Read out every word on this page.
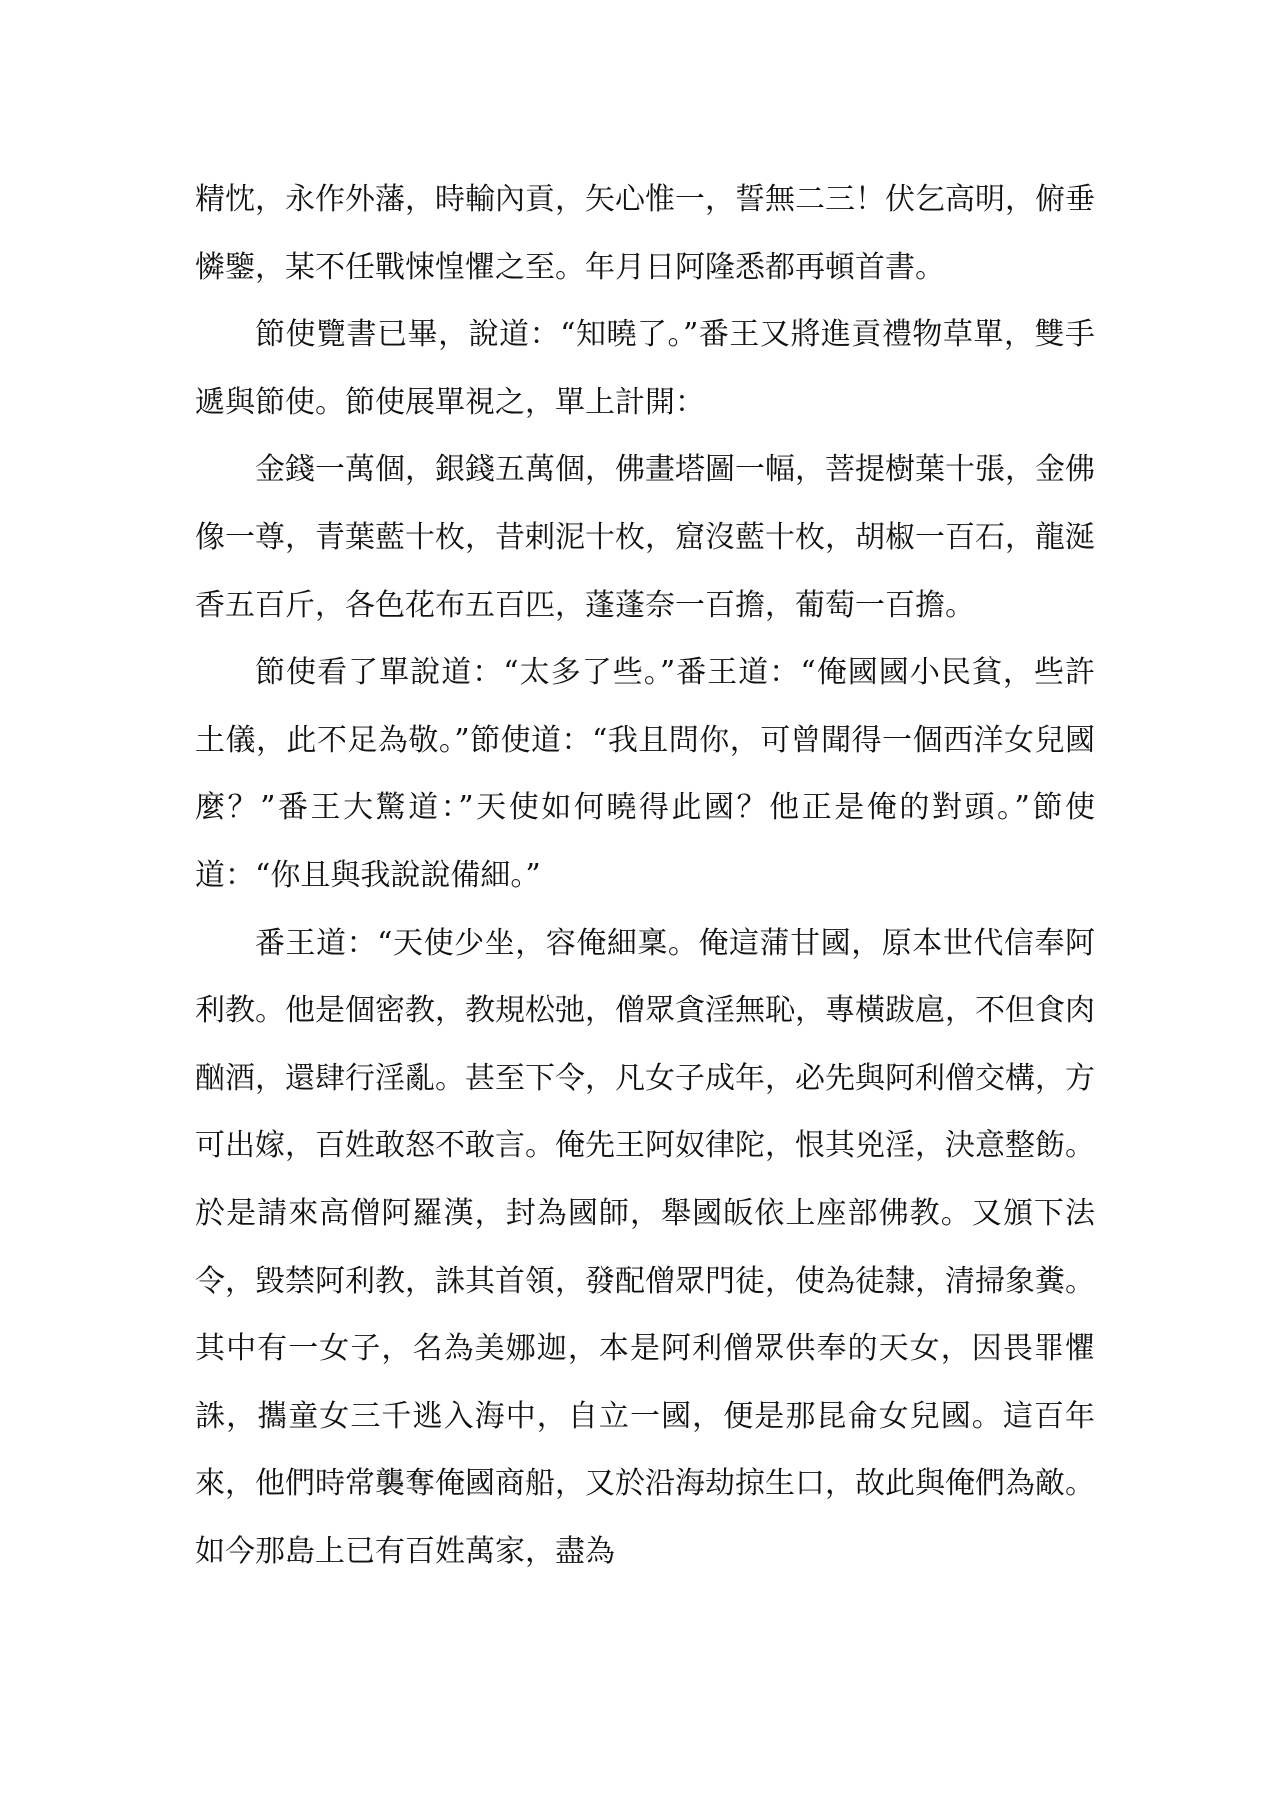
精忱，永作外藩，時輸內貢，矢心惟一，誓無二三！伏乞高明，俯垂憐鑒，某不任戰悚惶懼之至。年月日阿隆悉都再頓首書。

節使覽書已畢，說道：“知曉了。”番王又將進貢禮物草單，雙手遞與節使。節使展單視之，單上計開：

金錢一萬個，銀錢五萬個，佛畫塔圖一幅，菩提樹葉十張，金佛像一尊，青葉藍十枚，昔剌泥十枚，窟沒藍十枚，胡椒一百石，龍涎香五百斤，各色花布五百匹，蓬蓬奈一百擔，葡萄一百擔。

節使看了單說道：“太多了些。”番王道：“俺國國小民貧，些許土儀，此不足為敬。”節使道：“我且問你，可曾聞得一個西洋女兒國麼？”番王大驚道：”天使如何曉得此國？他正是俺的對頭。”節使道：“你且與我說說備細。”

番王道：“天使少坐，容俺細稟。俺這蒲甘國，原本世代信奉阿利教。他是個密教，教規松弛，僧眾貪淫無恥，專橫跋扈，不但食肉酗酒，還肆行淫亂。甚至下令，凡女子成年，必先與阿利僧交構，方可出嫁，百姓敢怒不敢言。俺先王阿奴律陀，恨其兇淫，決意整飭。於是請來高僧阿羅漢，封為國師，舉國皈依上座部佛教。又頒下法令，毀禁阿利教，誅其首領，發配僧眾門徒，使為徒隸，清掃象糞。其中有一女子，名為美娜迦，本是阿利僧眾供奉的天女，因畏罪懼誅，攜童女三千逃入海中，自立一國，便是那昆侖女兒國。這百年來，他們時常襲奪俺國商船，又於沿海劫掠生口，故此與俺們為敵。如今那島上已有百姓萬家，盡為
